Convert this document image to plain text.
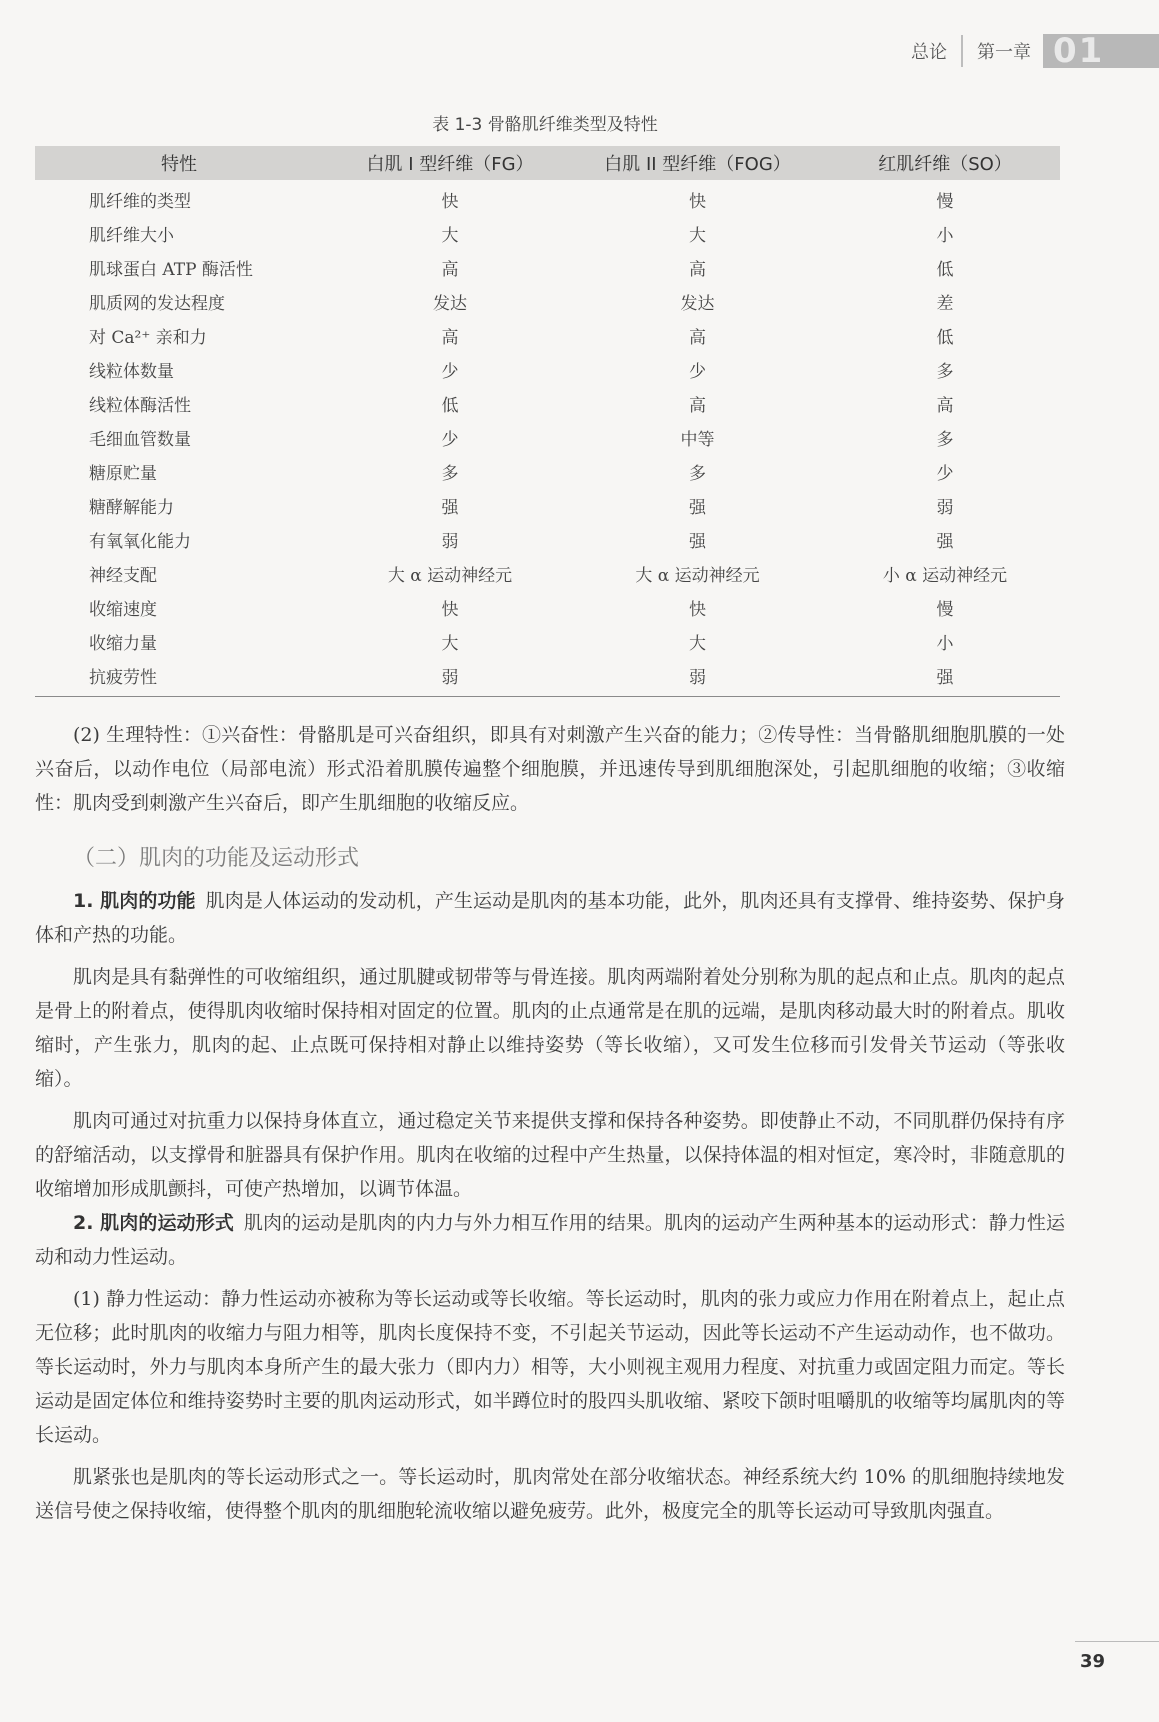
总论 第一章 01
表 1-3 骨骼肌纤维类型及特性
特性	白肌 I 型纤维（FG）	白肌 II 型纤维（FOG）	红肌纤维（SO）
肌纤维的类型	快	快	慢
肌纤维大小	大	大	小
肌球蛋白 ATP 酶活性	高	高	低
肌质网的发达程度	发达	发达	差
对 Ca²⁺ 亲和力	高	高	低
线粒体数量	少	少	多
线粒体酶活性	低	高	高
毛细血管数量	少	中等	多
糖原贮量	多	多	少
糖酵解能力	强	强	弱
有氧氧化能力	弱	强	强
神经支配	大 α 运动神经元	大 α 运动神经元	小 α 运动神经元
收缩速度	快	快	慢
收缩力量	大	大	小
抗疲劳性	弱	弱	强

(2) 生理特性：①兴奋性：骨骼肌是可兴奋组织，即具有对刺激产生兴奋的能力；②传导性：当骨骼肌细胞肌膜的一处兴奋后，以动作电位（局部电流）形式沿着肌膜传遍整个细胞膜，并迅速传导到肌细胞深处，引起肌细胞的收缩；③收缩性：肌肉受到刺激产生兴奋后，即产生肌细胞的收缩反应。

（二）肌肉的功能及运动形式

1. 肌肉的功能 肌肉是人体运动的发动机，产生运动是肌肉的基本功能，此外，肌肉还具有支撑骨、维持姿势、保护身体和产热的功能。

肌肉是具有黏弹性的可收缩组织，通过肌腱或韧带等与骨连接。肌肉两端附着处分别称为肌的起点和止点。肌肉的起点是骨上的附着点，使得肌肉收缩时保持相对固定的位置。肌肉的止点通常是在肌的远端，是肌肉移动最大时的附着点。肌收缩时，产生张力，肌肉的起、止点既可保持相对静止以维持姿势（等长收缩），又可发生位移而引发骨关节运动（等张收缩）。

肌肉可通过对抗重力以保持身体直立，通过稳定关节来提供支撑和保持各种姿势。即使静止不动，不同肌群仍保持有序的舒缩活动，以支撑骨和脏器具有保护作用。肌肉在收缩的过程中产生热量，以保持体温的相对恒定，寒冷时，非随意肌的收缩增加形成肌颤抖，可使产热增加，以调节体温。

2. 肌肉的运动形式 肌肉的运动是肌肉的内力与外力相互作用的结果。肌肉的运动产生两种基本的运动形式：静力性运动和动力性运动。

(1) 静力性运动：静力性运动亦被称为等长运动或等长收缩。等长运动时，肌肉的张力或应力作用在附着点上，起止点无位移；此时肌肉的收缩力与阻力相等，肌肉长度保持不变，不引起关节运动，因此等长运动不产生运动动作，也不做功。等长运动时，外力与肌肉本身所产生的最大张力（即内力）相等，大小则视主观用力程度、对抗重力或固定阻力而定。等长运动是固定体位和维持姿势时主要的肌肉运动形式，如半蹲位时的股四头肌收缩、紧咬下颌时咀嚼肌的收缩等均属肌肉的等长运动。

肌紧张也是肌肉的等长运动形式之一。等长运动时，肌肉常处在部分收缩状态。神经系统大约 10% 的肌细胞持续地发送信号使之保持收缩，使得整个肌肉的肌细胞轮流收缩以避免疲劳。此外，极度完全的肌等长运动可导致肌肉强直。

39
